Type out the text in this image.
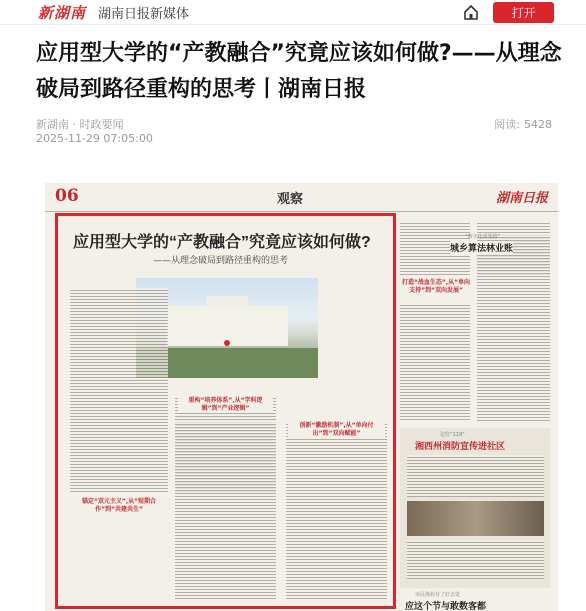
新湖南 湖南日报新媒体	打开
应用型大学的“产教融合”究竟应该如何做?——从理念破局到路径重构的思考丨湖南日报
新湖南 · 时政要闻
2025-11-29 07:05:00
阅读: 5428
06	观察	湖南日报
应用型大学的“产教融合”究竟应该如何做?
——从理念破局到路径重构的思考
重构“培养体系”,从“学科逻辑”到“产业逻辑”
锚定“双元主义”,从“短期合作”到“共建共生”
创新“激励机制”,从“单向付出”到“双向赋能”
打造“战血生态”,从“单向支持”到“双向发展”
“数字化成果推”
城乡算法林业账
记住“119”
湘西州消防宣传进社区
市民体验有了好去处
应这个节与敢数客都
